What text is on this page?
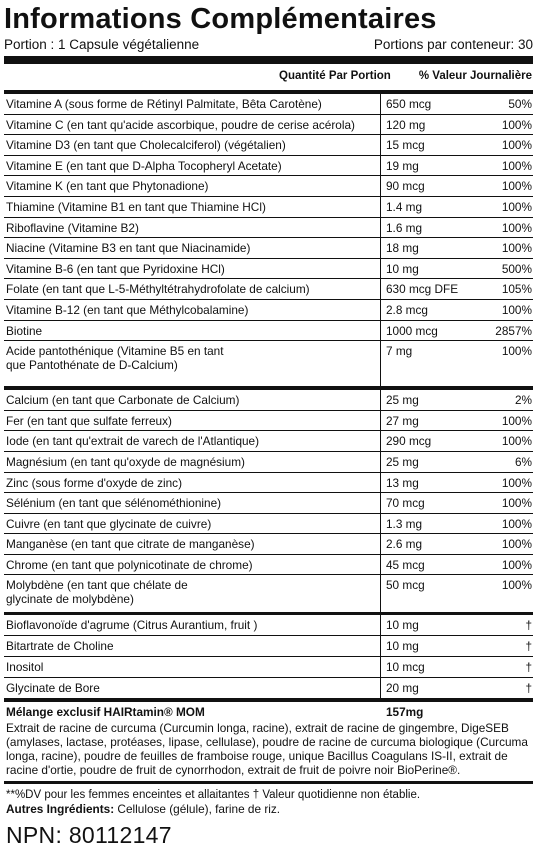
Informations Complémentaires
Portion : 1 Capsule végétalienne	Portions par conteneur: 30
Quantité Par Portion % Valeur Journalière
Vitamine A (sous forme de Rétinyl Palmitate, Bêta Carotène)	650 mcg	50%
Vitamine C (en tant qu'acide ascorbique, poudre de cerise acérola)	120 mg	100%
Vitamine D3 (en tant que Cholecalciferol) (végétalien)	15 mcg	100%
Vitamine E (en tant que D-Alpha Tocopheryl Acetate)	19 mg	100%
Vitamine K (en tant que Phytonadione)	90 mcg	100%
Thiamine (Vitamine B1 en tant que Thiamine HCl)	1.4 mg	100%
Riboflavine (Vitamine B2)	1.6 mg	100%
Niacine (Vitamine B3 en tant que Niacinamide)	18 mg	100%
Vitamine B-6 (en tant que Pyridoxine HCl)	10 mg	500%
Folate (en tant que L-5-Méthyltétrahydrofolate de calcium)	630 mcg DFE	105%
Vitamine B-12 (en tant que Méthylcobalamine)	2.8 mcg	100%
Biotine	1000 mcg	2857%
Acide pantothénique (Vitamine B5 en tant
que Pantothénate de D-Calcium)
7 mg	100%
Calcium (en tant que Carbonate de Calcium)	25 mg	2%
Fer (en tant que sulfate ferreux)	27 mg	100%
Iode (en tant qu'extrait de varech de l'Atlantique)	290 mcg	100%
Magnésium (en tant qu'oxyde de magnésium)	25 mg	6%
Zinc (sous forme d'oxyde de zinc)	13 mg	100%
Sélénium (en tant que sélénométhionine)	70 mcg	100%
Cuivre (en tant que glycinate de cuivre)	1.3 mg	100%
Manganèse (en tant que citrate de manganèse)	2.6 mg	100%
Chrome (en tant que polynicotinate de chrome)	45 mcg	100%
Molybdène (en tant que chélate de
glycinate de molybdène)
50 mcg	100%
Bioflavonoïde d'agrume (Citrus Aurantium, fruit )	10 mg	†
Bitartrate de Choline	10 mg	†
Inositol	10 mcg	†
Glycinate de Bore	20 mg	†
Mélange exclusif HAIRtamin® MOM	157mg
Extrait de racine de curcuma (Curcumin longa, racine), extrait de racine de gingembre, DigeSEB (amylases, lactase, protéases, lipase, cellulase), poudre de racine de curcuma biologique (Curcuma longa, racine), poudre de feuilles de framboise rouge, unique Bacillus Coagulans IS-II, extrait de racine d'ortie, poudre de fruit de cynorrhodon, extrait de fruit de poivre noir BioPerine®.
**%DV pour les femmes enceintes et allaitantes † Valeur quotidienne non établie.
Autres Ingrédients: Cellulose (gélule), farine de riz.
NPN: 80112147
